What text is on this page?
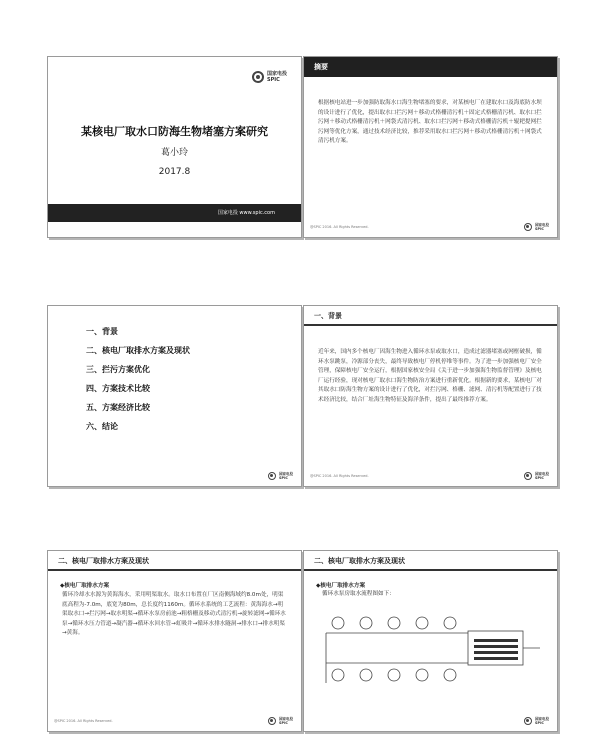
国家电投
SPIC
某核电厂取水口防海生物堵塞方案研究
葛小玲
2017.8
国家电投 www.spic.com
摘要
根据核电站进一步加强防取海水口海生物堵塞的要求，对某核电厂在建取水口及海底防水坝的设计进行了优化，提出取水口拦污网＋移动式格栅清污机＋固定式格栅清污机、取水口拦污网＋移动式格栅清污机＋网袋式清污机、取水口拦污网＋移动式格栅清污机＋辊耙提网拦污网等优化方案，通过技术经济比较，推荐采用取水口拦污网＋移动式格栅清污机＋网袋式清污机方案。
@SPIC 2016. All Rights Reserved.	国家电投
SPIC
一、背景
二、核电厂取排水方案及现状
三、拦污方案优化
四、方案技术比较
五、方案经济比较
六、结论
国家电投
SPIC
一、背景
近年来，国内多个核电厂因海生物进入循环水泵或取水口，造成过滤器堵塞或网框破损，循环水泵跳泵，冷源部分丧失，最终导致核电厂停机停堆等事件。为了进一步加强核电厂安全管理，保障核电厂安全运行，根据国家核安全局《关于进一步加强海生物监督管理》及核电厂运行经验，现对核电厂取水口海生物防治方案进行重新优化。根据新的要求，某核电厂对其取水口防海生物方案的设计进行了优化，对拦污网、格栅、滤网、清污机等配置进行了技术经济比较，结合厂址海生物特征及海洋条件，提出了最终推荐方案。
@SPIC 2016. All Rights Reserved.	国家电投
SPIC
二、核电厂取排水方案及现状
◆核电厂取排水方案
循环冷却水水源为黄海海水，采用明渠取水。取水口布置在厂区南侧海域约8.0m处，明渠底高程为-7.0m，底宽为80m，总长度约1160m。循环水系统的工艺流程：黄海海水→明渠取水口→拦污网→取水明渠→循环水泵房前池→粗格栅及移动式清污机→旋转滤网→循环水泵→循环水压力管道→凝汽器→循环水回水管→虹吸井→循环水排水隧洞→排水口→排水明渠→黄海。
@SPIC 2016. All Rights Reserved.	国家电投
SPIC
二、核电厂取排水方案及现状
◆核电厂取排水方案
循环水泵房取水流程图如下：
国家电投
SPIC
